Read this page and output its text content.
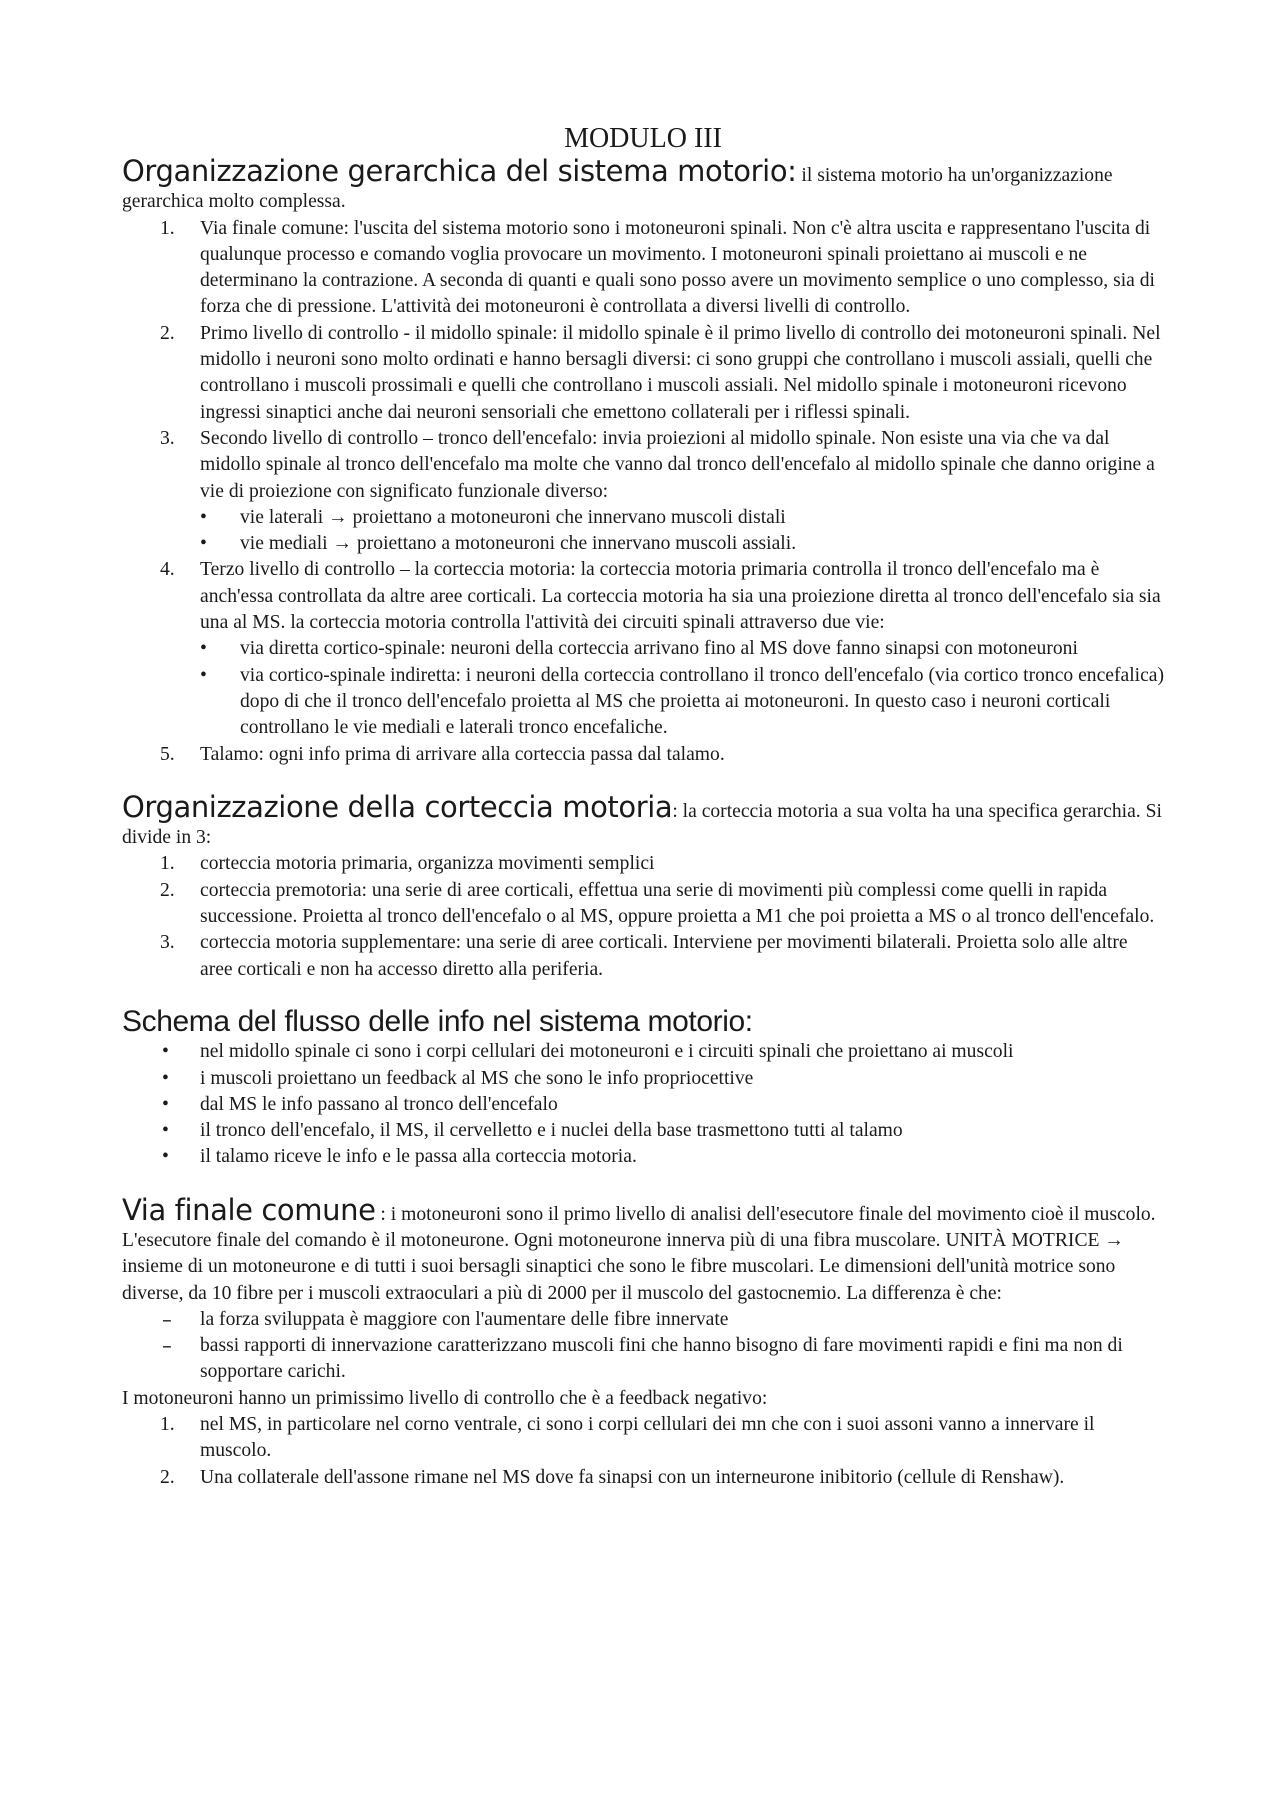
MODULO III

Organizzazione gerarchica del sistema motorio: il sistema motorio ha un'organizzazione gerarchica molto complessa.

1.	Via finale comune: l'uscita del sistema motorio sono i motoneuroni spinali. Non c'è altra uscita e rappresentano l'uscita di qualunque processo e comando voglia provocare un movimento. I motoneuroni spinali proiettano ai muscoli e ne determinano la contrazione. A seconda di quanti e quali sono posso avere un movimento semplice o uno complesso, sia di forza che di pressione. L'attività dei motoneuroni è controllata a diversi livelli di controllo.
2.	Primo livello di controllo - il midollo spinale: il midollo spinale è il primo livello di controllo dei motoneuroni spinali. Nel midollo i neuroni sono molto ordinati e hanno bersagli diversi: ci sono gruppi che controllano i muscoli assiali, quelli che controllano i muscoli prossimali e quelli che controllano i muscoli assiali. Nel midollo spinale i motoneuroni ricevono ingressi sinaptici anche dai neuroni sensoriali che emettono collaterali per i riflessi spinali.
3.	Secondo livello di controllo – tronco dell'encefalo: invia proiezioni al midollo spinale. Non esiste una via che va dal midollo spinale al tronco dell'encefalo ma molte che vanno dal tronco dell'encefalo al midollo spinale che danno origine a vie di proiezione con significato funzionale diverso:
• vie laterali → proiettano a motoneuroni che innervano muscoli distali
• vie mediali → proiettano a motoneuroni che innervano muscoli assiali.
4.	Terzo livello di controllo – la corteccia motoria: la corteccia motoria primaria controlla il tronco dell'encefalo ma è anch'essa controllata da altre aree corticali. La corteccia motoria ha sia una proiezione diretta al tronco dell'encefalo sia sia una al MS. la corteccia motoria controlla l'attività dei circuiti spinali attraverso due vie:
• via diretta cortico-spinale: neuroni della corteccia arrivano fino al MS dove fanno sinapsi con motoneuroni
• via cortico-spinale indiretta: i neuroni della corteccia controllano il tronco dell'encefalo (via cortico tronco encefalica) dopo di che il tronco dell'encefalo proietta al MS che proietta ai motoneuroni. In questo caso i neuroni corticali controllano le vie mediali e laterali tronco encefaliche.
5.	Talamo: ogni info prima di arrivare alla corteccia passa dal talamo.

Organizzazione della corteccia motoria: la corteccia motoria a sua volta ha una specifica gerarchia. Si divide in 3:

1.	corteccia motoria primaria, organizza movimenti semplici
2.	corteccia premotoria: una serie di aree corticali, effettua una serie di movimenti più complessi come quelli in rapida successione. Proietta al tronco dell'encefalo o al MS, oppure proietta a M1 che poi proietta a MS o al tronco dell'encefalo.
3.	corteccia motoria supplementare: una serie di aree corticali. Interviene per movimenti bilaterali. Proietta solo alle altre aree corticali e non ha accesso diretto alla periferia.

Schema del flusso delle info nel sistema motorio:

• nel midollo spinale ci sono i corpi cellulari dei motoneuroni e i circuiti spinali che proiettano ai muscoli
• i muscoli proiettano un feedback al MS che sono le info propriocettive
• dal MS le info passano al tronco dell'encefalo
• il tronco dell'encefalo, il MS, il cervelletto e i nuclei della base trasmettono tutti al talamo
• il talamo riceve le info e le passa alla corteccia motoria.

Via finale comune : i motoneuroni sono il primo livello di analisi dell'esecutore finale del movimento cioè il muscolo. L'esecutore finale del comando è il motoneurone. Ogni motoneurone innerva più di una fibra muscolare. UNITÀ MOTRICE → insieme di un motoneurone e di tutti i suoi bersagli sinaptici che sono le fibre muscolari. Le dimensioni dell'unità motrice sono diverse, da 10 fibre per i muscoli extraoculari a più di 2000 per il muscolo del gastocnemio. La differenza è che:

– la forza sviluppata è maggiore con l'aumentare delle fibre innervate
– bassi rapporti di innervazione caratterizzano muscoli fini che hanno bisogno di fare movimenti rapidi e fini ma non di sopportare carichi.

I motoneuroni hanno un primissimo livello di controllo che è a feedback negativo:

1.	nel MS, in particolare nel corno ventrale, ci sono i corpi cellulari dei mn che con i suoi assoni vanno a innervare il muscolo.
2.	Una collaterale dell'assone rimane nel MS dove fa sinapsi con un interneurone inibitorio (cellule di Renshaw).
